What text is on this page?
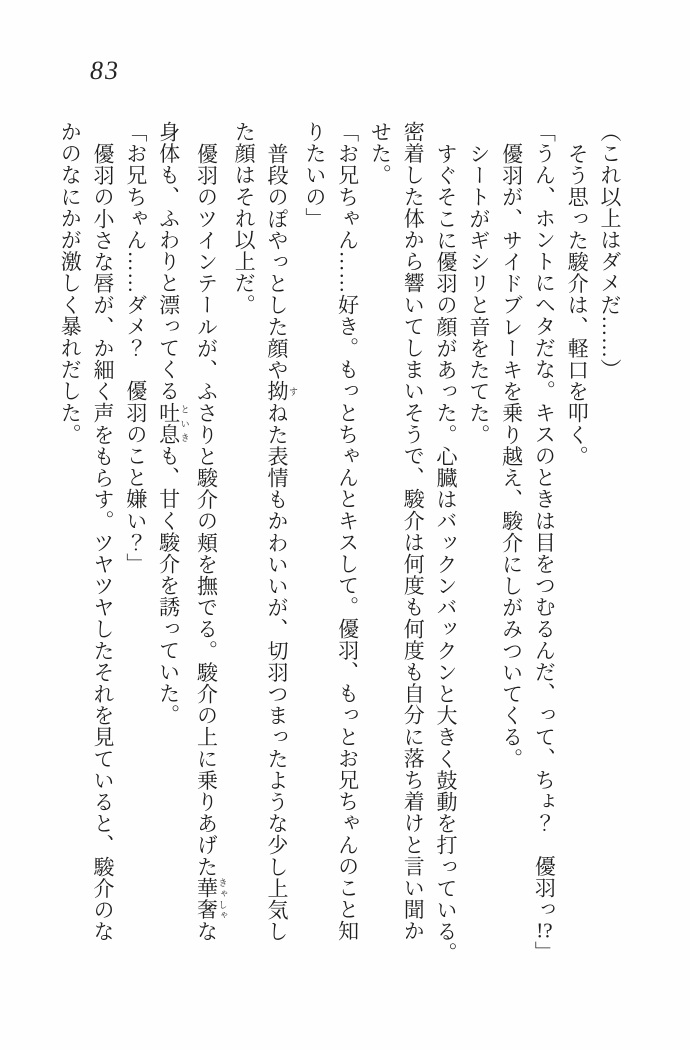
83
（これ以上はダメだ……）
そう思った駿介は、軽口を叩く。
「うん、ホントにヘタだな。キスのときは目をつむるんだ、って、ちょ？　優羽っ!?」
優羽が、サイドブレーキを乗り越え、駿介にしがみついてくる。
シートがギシリと音をたてた。
すぐそこに優羽の顔があった。心臓はバックンバックンと大きく鼓動を打っている。
密着した体から響いてしまいそうで、駿介は何度も何度も自分に落ち着けと言い聞か
せた。
「お兄ちゃん……好き。もっとちゃんとキスして。優羽、もっとお兄ちゃんのこと知
りたいの」
普段のぽやっとした顔や拗 すねた表情もかわいいが、切羽つまったような少し上気し
た顔はそれ以上だ。
優羽のツインテールが、ふさりと駿介の頬を撫でる。駿介の上に乗りあげた華奢 きゃしゃな
身体も、ふわりと漂ってくる吐息 といきも、甘く駿介を誘っていた。
「お兄ちゃん……ダメ？　優羽のこと嫌い？」
優羽の小さな唇が、か細く声をもらす。ツヤツヤしたそれを見ていると、駿介のな
かのなにかが激しく暴れだした。
